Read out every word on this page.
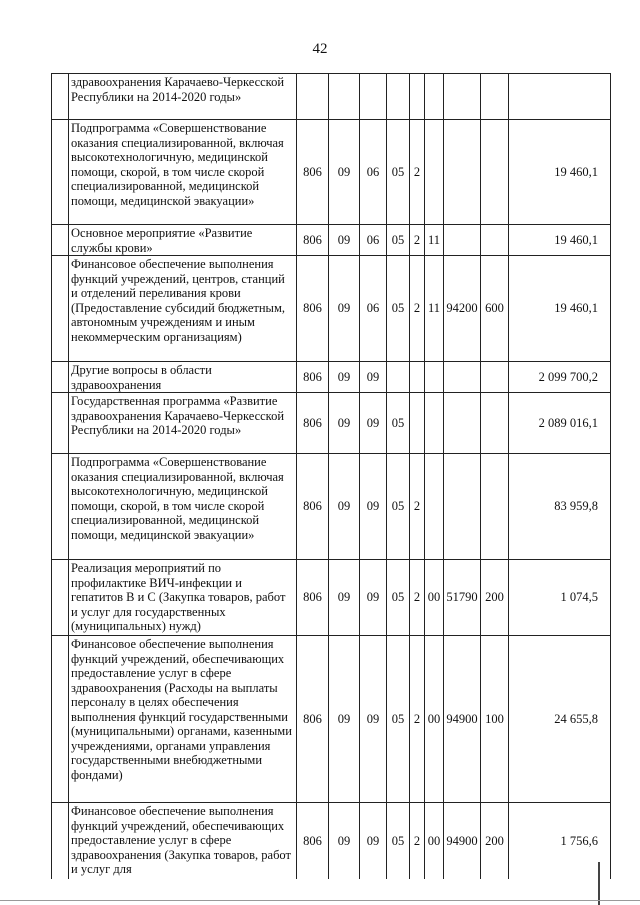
42
	здравоохранения Карачаево-Черкесской Республики на 2014-2020 годы»									
	Подпрограмма «Совершенствование оказания специализированной, включая высокотехнологичную, медицинской помощи, скорой, в том числе скорой специализированной, медицинской помощи, медицинской эвакуации»	806	09	06	05	2				19 460,1
	Основное мероприятие «Развитие службы крови»	806	09	06	05	2	11			19 460,1
	Финансовое обеспечение выполнения функций учреждений, центров, станций и отделений переливания крови (Предоставление субсидий бюджетным, автономным учреждениям и иным некоммерческим организациям)	806	09	06	05	2	11	94200	600	19 460,1
	Другие вопросы в области здравоохранения	806	09	09						2 099 700,2
	Государственная программа «Развитие здравоохранения Карачаево-Черкесской Республики на 2014-2020 годы»	806	09	09	05					2 089 016,1
	Подпрограмма «Совершенствование оказания специализированной, включая высокотехнологичную, медицинской помощи, скорой, в том числе скорой специализированной, медицинской помощи, медицинской эвакуации»	806	09	09	05	2				83 959,8
	Реализация мероприятий по профилактике ВИЧ-инфекции и гепатитов В и С (Закупка товаров, работ и услуг для государственных (муниципальных) нужд)	806	09	09	05	2	00	51790	200	1 074,5
	Финансовое обеспечение выполнения функций учреждений, обеспечивающих предоставление услуг в сфере здравоохранения (Расходы на выплаты персоналу в целях обеспечения выполнения функций государственными (муниципальными) органами, казенными учреждениями, органами управления государственными внебюджетными фондами)	806	09	09	05	2	00	94900	100	24 655,8
	Финансовое обеспечение выполнения функций учреждений, обеспечивающих предоставление услуг в сфере здравоохранения (Закупка товаров, работ и услуг для	806	09	09	05	2	00	94900	200	1 756,6
